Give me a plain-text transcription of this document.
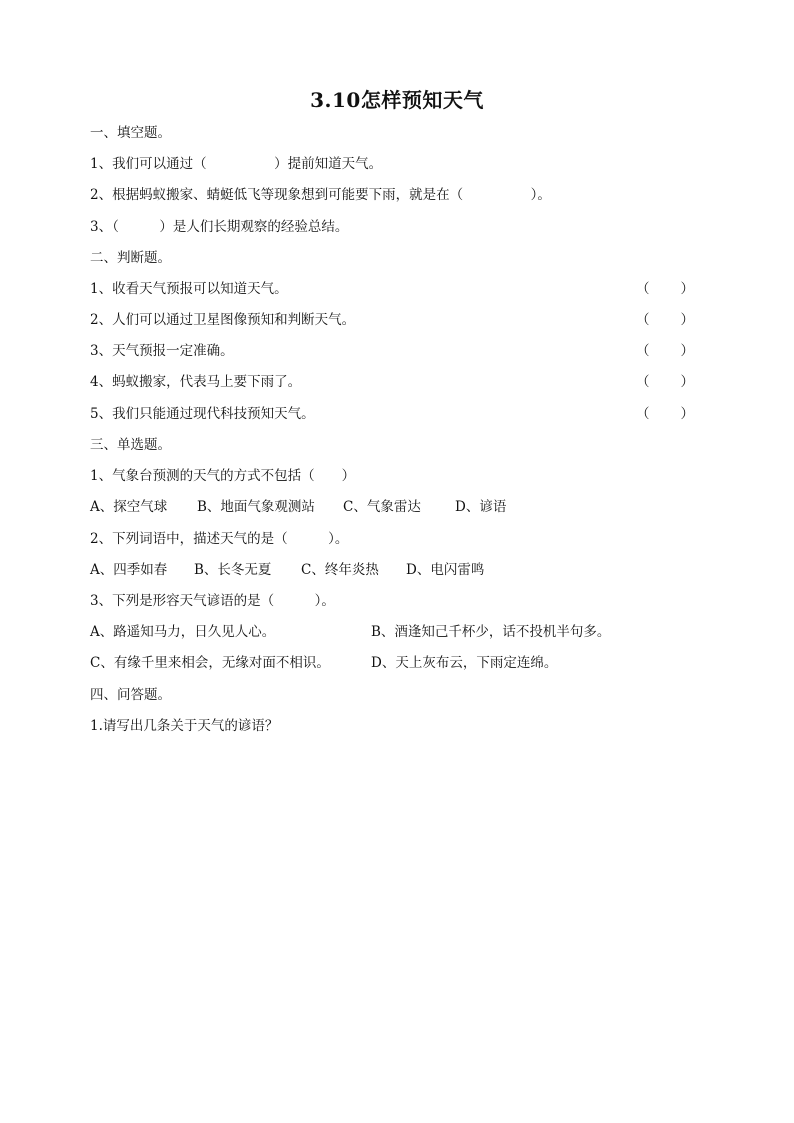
3.10怎样预知天气
一、填空题。
1、我们可以通过（　　　　　）提前知道天气。
2、根据蚂蚁搬家、蜻蜓低飞等现象想到可能要下雨，就是在（　　　　　）。
3、（　　　）是人们长期观察的经验总结。
二、判断题。
1、收看天气预报可以知道天气。	（ ）
2、人们可以通过卫星图像预知和判断天气。	（ ）
3、天气预报一定准确。	（ ）
4、蚂蚁搬家，代表马上要下雨了。	（ ）
5、我们只能通过现代科技预知天气。	（ ）
三、单选题。
1、气象台预测的天气的方式不包括（　　）
A、探空气球 B、地面气象观测站 C、气象雷达	D、谚语
2、下列词语中，描述天气的是（　　　）。
A、四季如春 B、长冬无夏 C、终年炎热 D、电闪雷鸣
3、下列是形容天气谚语的是（　　　）。
A、路遥知马力，日久见人心。	B、酒逢知己千杯少，话不投机半句多。
C、有缘千里来相会，无缘对面不相识。	D、天上灰布云，下雨定连绵。
四、问答题。
1.请写出几条关于天气的谚语？
